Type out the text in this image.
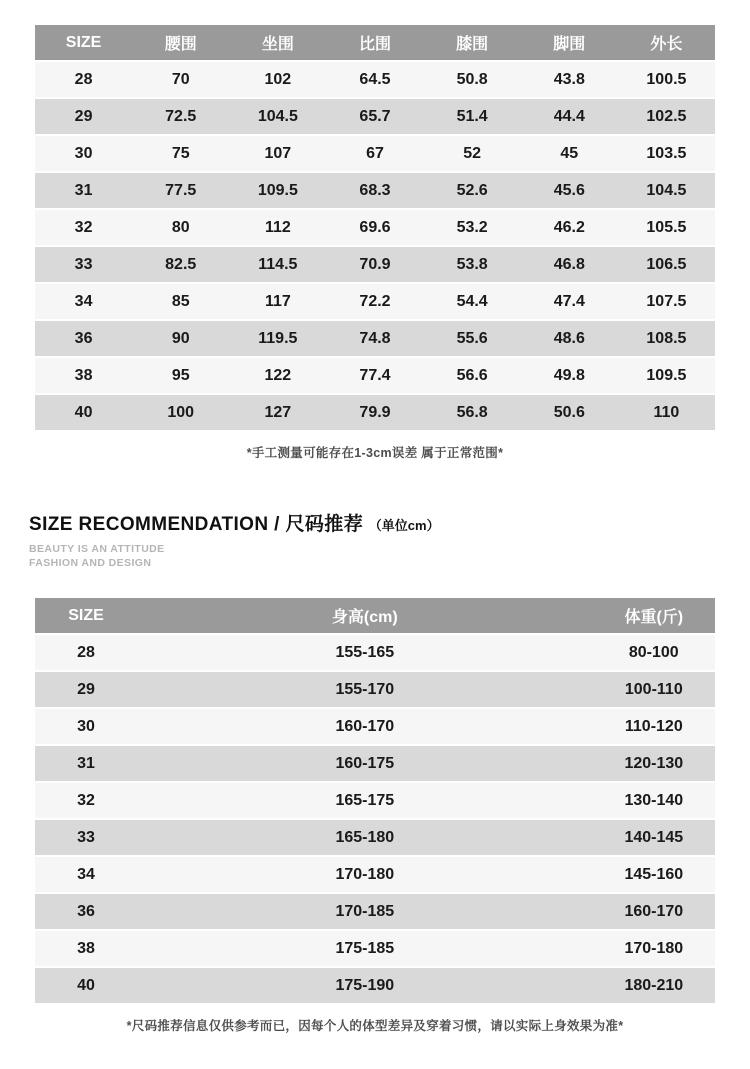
SIZE	腰围	坐围	比围	膝围	脚围	外长
28	70	102	64.5	50.8	43.8	100.5
29	72.5	104.5	65.7	51.4	44.4	102.5
30	75	107	67	52	45	103.5
31	77.5	109.5	68.3	52.6	45.6	104.5
32	80	112	69.6	53.2	46.2	105.5
33	82.5	114.5	70.9	53.8	46.8	106.5
34	85	117	72.2	54.4	47.4	107.5
36	90	119.5	74.8	55.6	48.6	108.5
38	95	122	77.4	56.6	49.8	109.5
40	100	127	79.9	56.8	50.6	110

*手工测量可能存在1-3cm误差 属于正常范围*

SIZE RECOMMENDATION / 尺码推荐 （单位cm）

BEAUTY IS AN ATTITUDE

FASHION AND DESIGN

SIZE	身高(cm)	体重(斤)
28	155-165	80-100
29	155-170	100-110
30	160-170	110-120
31	160-175	120-130
32	165-175	130-140
33	165-180	140-145
34	170-180	145-160
36	170-185	160-170
38	175-185	170-180
40	175-190	180-210

*尺码推荐信息仅供参考而已，因每个人的体型差异及穿着习惯，请以实际上身效果为准*
